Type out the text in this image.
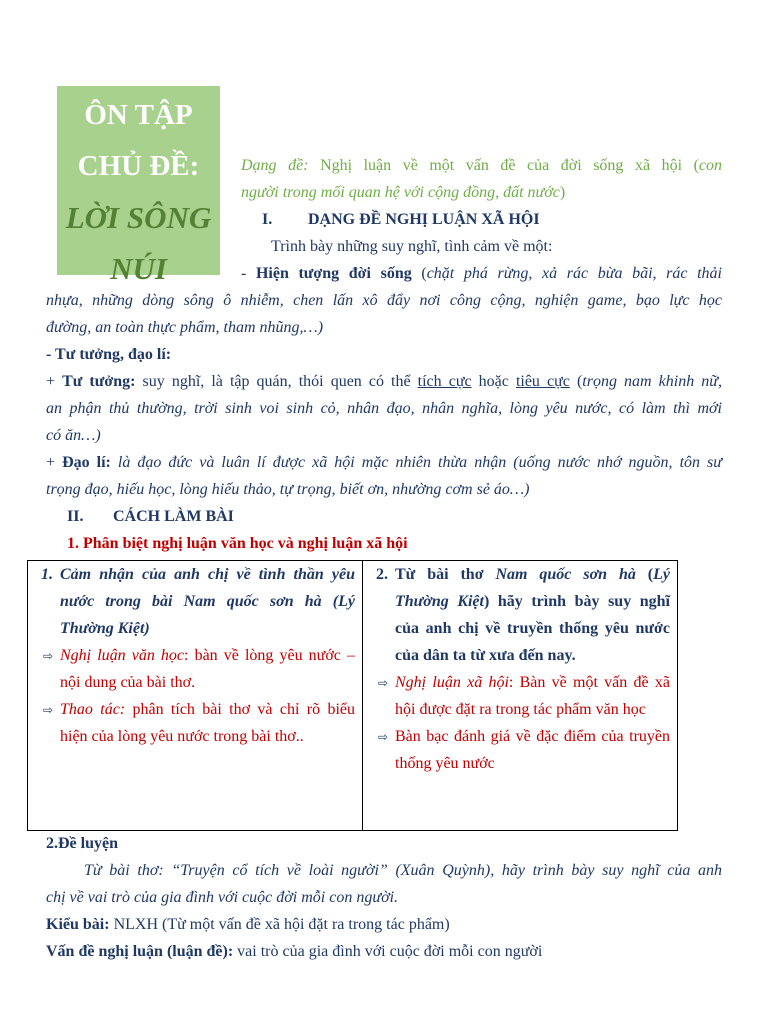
ÔN TẬP
CHỦ ĐỀ:
LỜI SÔNG
NÚI
Dạng đề: Nghị luận về một vấn đề của đời sống xã hội (con
người trong mối quan hệ với cộng đồng, đất nước)
I. DẠNG ĐỀ NGHỊ LUẬN XÃ HỘI
Trình bày những suy nghĩ, tình cảm về một:
- Hiện tượng đời sống (chặt phá rừng, xả rác bừa bãi, rác thải
nhựa, những dòng sông ô nhiễm, chen lấn xô đẩy nơi công cộng, nghiện game, bạo lực học
đường, an toàn thực phẩm, tham nhũng,…)
- Tư tưởng, đạo lí:
+ Tư tưởng: suy nghĩ, là tập quán, thói quen có thể tích cực hoặc tiêu cực (trọng nam khinh nữ,
an phận thủ thường, trời sinh voi sinh cỏ, nhân đạo, nhân nghĩa, lòng yêu nước, có làm thì mới
có ăn…)
+ Đạo lí: là đạo đức và luân lí được xã hội mặc nhiên thừa nhận (uống nước nhớ nguồn, tôn sư
trọng đạo, hiếu học, lòng hiếu thảo, tự trọng, biết ơn, nhường cơm sẻ áo…)
II. CÁCH LÀM BÀI
1. Phân biệt nghị luận văn học và nghị luận xã hội
1. Cảm nhận của anh chị về tình thần yêu nước trong bài Nam quốc sơn hà (Lý Thường Kiệt)
⇨ Nghị luận văn học: bàn về lòng yêu nước – nội dung của bài thơ.
⇨ Thao tác: phân tích bài thơ và chỉ rõ biểu hiện của lòng yêu nước trong bài thơ..

2. Từ bài thơ Nam quốc sơn hà (Lý Thường Kiệt) hãy trình bày suy nghĩ của anh chị về truyền thống yêu nước của dân ta từ xưa đến nay.
⇨ Nghị luận xã hội: Bàn về một vấn đề xã hội được đặt ra trong tác phẩm văn học
⇨ Bàn bạc đánh giá về đặc điểm của truyền thống yêu nước
2.Đề luyện
Từ bài thơ: “Truyện cổ tích về loài người” (Xuân Quỳnh), hãy trình bày suy nghĩ của anh
chị về vai trò của gia đình với cuộc đời mỗi con người.
Kiểu bài: NLXH (Từ một vấn đề xã hội đặt ra trong tác phẩm)
Vấn đề nghị luận (luận đề): vai trò của gia đình với cuộc đời mỗi con người
